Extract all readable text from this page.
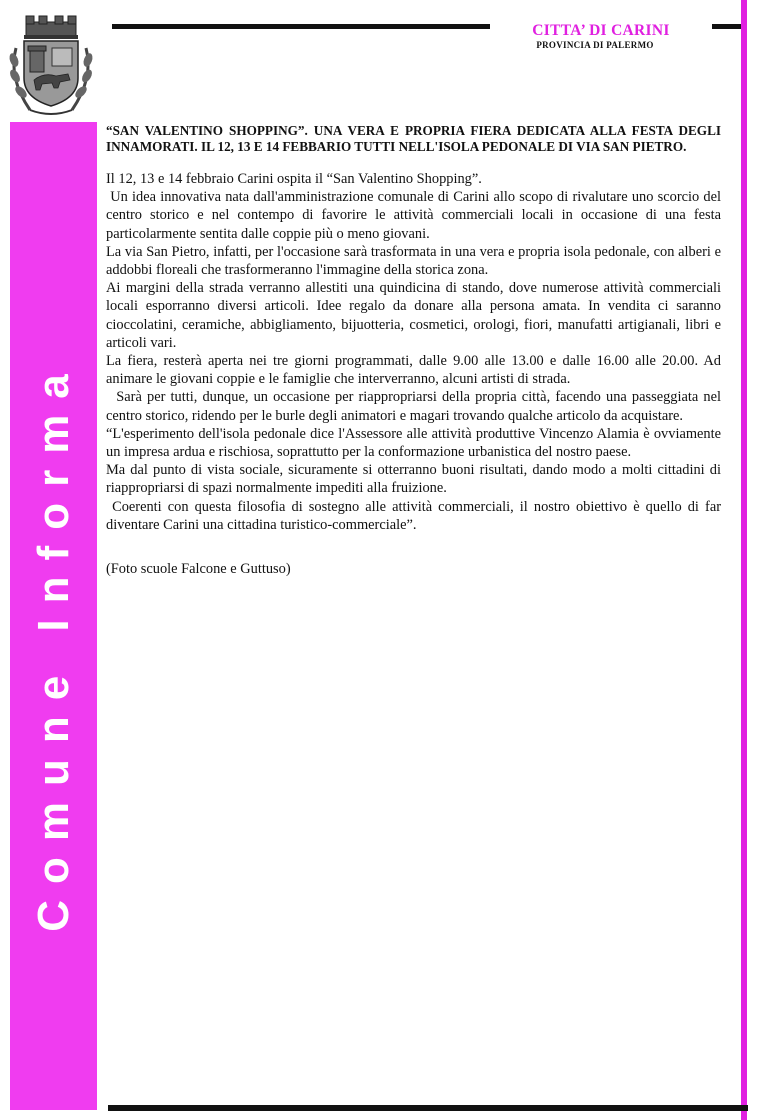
CITTA’ DI CARINI
PROVINCIA DI PALERMO
Comune Informa

“SAN VALENTINO SHOPPING”. UNA VERA E PROPRIA FIERA DEDICATA ALLA FESTA DEGLI INNAMORATI. IL 12, 13 E 14 FEBBARIO TUTTI NELL'ISOLA PEDONALE DI VIA SAN PIETRO.

Il 12, 13 e 14 febbraio Carini ospita il “San Valentino Shopping”.

Un idea innovativa nata dall'amministrazione comunale di Carini allo scopo di rivalutare uno scorcio del centro storico e nel contempo di favorire le attività commerciali locali in occasione di una festa particolarmente sentita dalle coppie più o meno giovani.

La via San Pietro, infatti, per l'occasione sarà trasformata in una vera e propria isola pedonale, con alberi e addobbi floreali che trasformeranno l'immagine della storica zona.

Ai margini della strada verranno allestiti una quindicina di stando, dove numerose attività commerciali locali esporranno diversi articoli. Idee regalo da donare alla persona amata. In vendita ci saranno cioccolatini, ceramiche, abbigliamento, bijuotteria, cosmetici, orologi, fiori, manufatti artigianali, libri e articoli vari.

La fiera, resterà aperta nei tre giorni programmati, dalle 9.00 alle 13.00 e dalle 16.00 alle 20.00. Ad animare le giovani coppie e le famiglie che interverranno, alcuni artisti di strada.

Sarà per tutti, dunque, un occasione per riappropriarsi della propria città, facendo una passeggiata nel centro storico, ridendo per le burle degli animatori e magari trovando qualche articolo da acquistare.

“L'esperimento dell'isola pedonale dice l'Assessore alle attività produttive Vincenzo Alamia è ovviamente un impresa ardua e rischiosa, soprattutto per la conformazione urbanistica del nostro paese.

Ma dal punto di vista sociale, sicuramente si otterranno buoni risultati, dando modo a molti cittadini di riappropriarsi di spazi normalmente impediti alla fruizione.

Coerenti con questa filosofia di sostegno alle attività commerciali, il nostro obiettivo è quello di far diventare Carini una cittadina turistico-commerciale”.

(Foto scuole Falcone e Guttuso)
